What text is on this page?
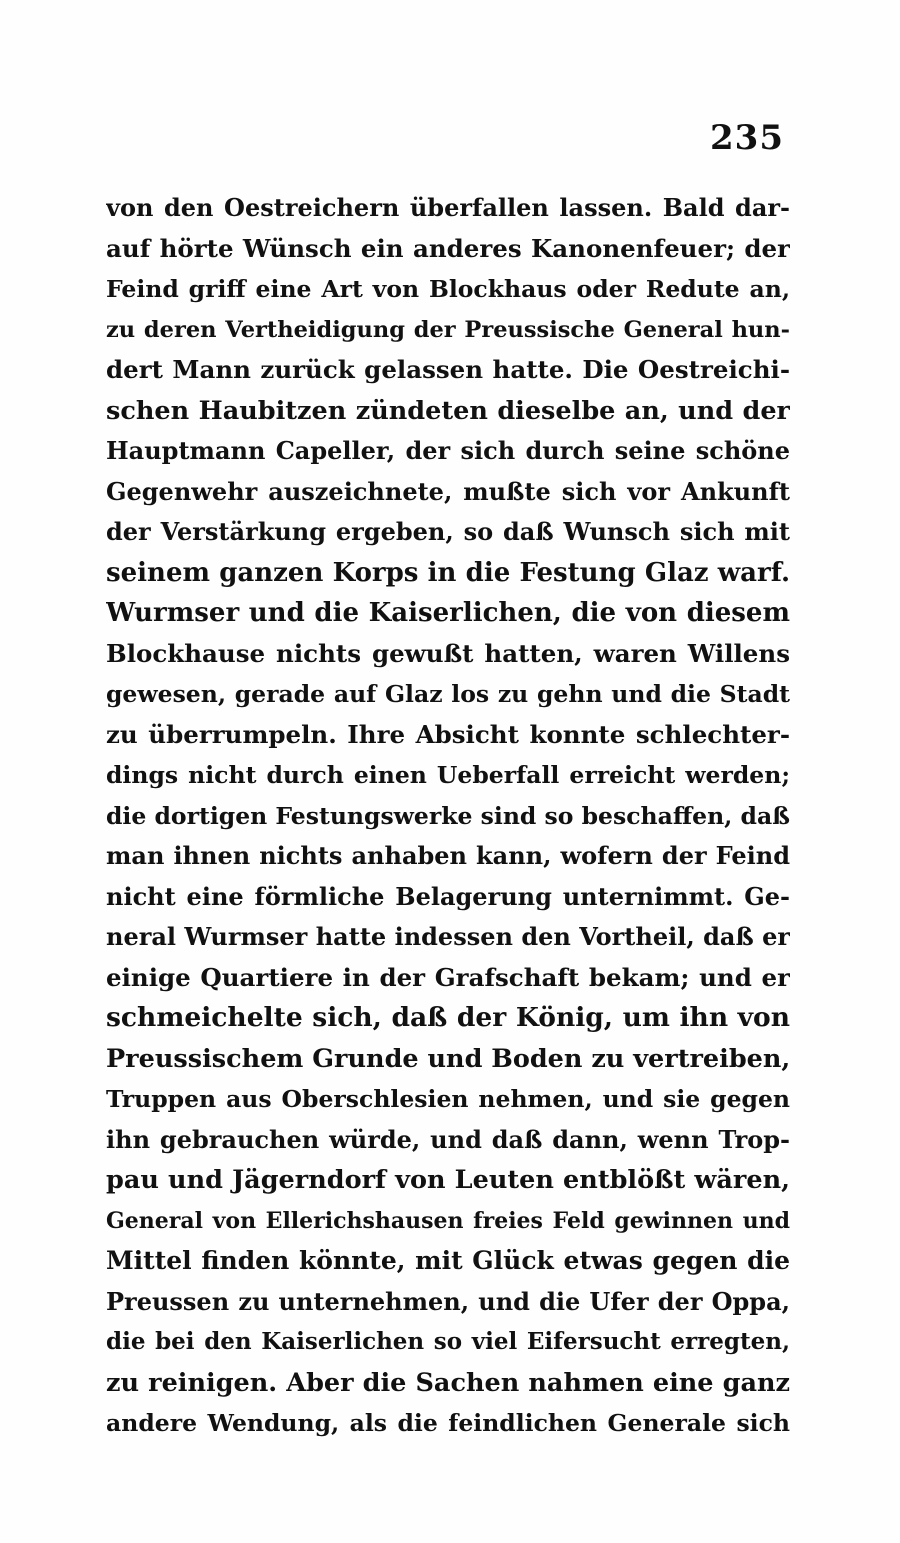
235
von den Oestreichern überfallen lassen. Bald dar-
auf hörte Wünsch ein anderes Kanonenfeuer; der
Feind griff eine Art von Blockhaus oder Redute an,
zu deren Vertheidigung der Preussische General hun-
dert Mann zurück gelassen hatte. Die Oestreichi-
schen Haubitzen zündeten dieselbe an, und der
Hauptmann Capeller, der sich durch seine schöne
Gegenwehr auszeichnete, mußte sich vor Ankunft
der Verstärkung ergeben, so daß Wunsch sich mit
seinem ganzen Korps in die Festung Glaz warf.
Wurmser und die Kaiserlichen, die von diesem
Blockhause nichts gewußt hatten, waren Willens
gewesen, gerade auf Glaz los zu gehn und die Stadt
zu überrumpeln. Ihre Absicht konnte schlechter-
dings nicht durch einen Ueberfall erreicht werden;
die dortigen Festungswerke sind so beschaffen, daß
man ihnen nichts anhaben kann, wofern der Feind
nicht eine förmliche Belagerung unternimmt. Ge-
neral Wurmser hatte indessen den Vortheil, daß er
einige Quartiere in der Grafschaft bekam; und er
schmeichelte sich, daß der König, um ihn von
Preussischem Grunde und Boden zu vertreiben,
Truppen aus Oberschlesien nehmen, und sie gegen
ihn gebrauchen würde, und daß dann, wenn Trop-
pau und Jägerndorf von Leuten entblößt wären,
General von Ellerichshausen freies Feld gewinnen und
Mittel finden könnte, mit Glück etwas gegen die
Preussen zu unternehmen, und die Ufer der Oppa,
die bei den Kaiserlichen so viel Eifersucht erregten,
zu reinigen. Aber die Sachen nahmen eine ganz
andere Wendung, als die feindlichen Generale sich
